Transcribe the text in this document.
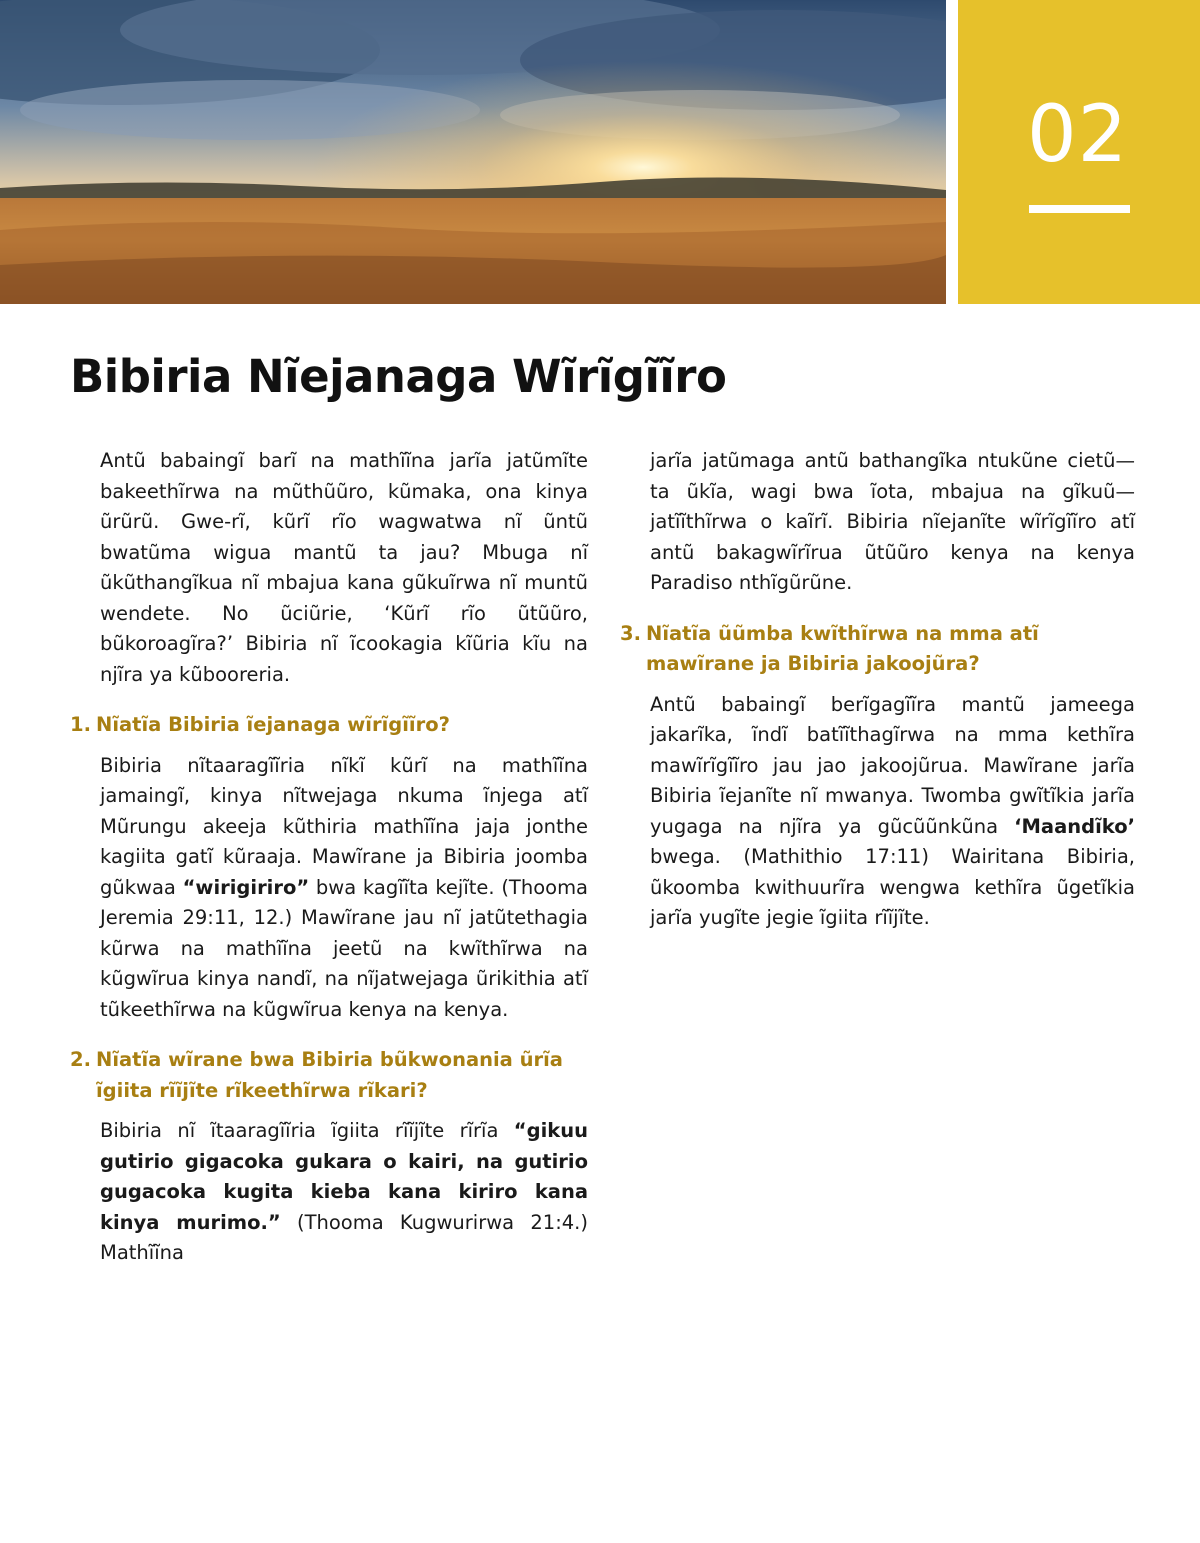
02
Bibiria Nĩejanaga Wĩrĩgĩĩro

Antũ babaingĩ barĩ na mathĩĩna jarĩa jatũmĩte bakeethĩrwa na mũthũũro, kũmaka, ona kinya ũrũrũ. Gwe-rĩ, kũrĩ rĩo wagwatwa nĩ ũntũ bwatũma wigua mantũ ta jau? Mbuga nĩ ũkũthangĩkua nĩ mbajua kana gũkuĩrwa nĩ muntũ wendete. No ũciũrie, ‘Kũrĩ rĩo ũtũũro, bũkoroagĩra?’ Bibiria nĩ ĩcookagia kĩũria kĩu na njĩra ya kũbooreria.

1. Nĩatĩa Bibiria ĩejanaga wĩrĩgĩĩro?

Bibiria nĩtaaragĩĩria nĩkĩ kũrĩ na mathĩĩna jamaingĩ, kinya nĩtwejaga nkuma ĩnjega atĩ Mũrungu akeeja kũthiria mathĩĩna jaja jonthe kagiita gatĩ kũraaja. Mawĩrane ja Bibiria joomba gũkwaa “wirigiriro” bwa kagĩĩta kejĩte. (Thooma Jeremia 29:11, 12.) Mawĩrane jau nĩ jatũtethagia kũrwa na mathĩĩna jeetũ na kwĩthĩrwa na kũgwĩrua kinya nandĩ, na nĩjatwejaga ũrikithia atĩ tũkeethĩrwa na kũgwĩrua kenya na kenya.

2. Nĩatĩa wĩrane bwa Bibiria bũkwonania ũrĩa ĩgiita rĩĩjĩte rĩkeethĩrwa rĩkari?

Bibiria nĩ ĩtaaragĩĩria ĩgiita rĩĩjĩte rĩrĩa “gikuu gutirio gigacoka gukara o kairi, na gutirio gugacoka kugita kieba kana kiriro kana kinya murimo.” (Thooma Kugwurirwa 21:4.) Mathĩĩna

jarĩa jatũmaga antũ bathangĩka ntukũne cietũ—ta ũkĩa, wagi bwa ĩota, mbajua na gĩkuũ—jatĩĩthĩrwa o kaĩrĩ. Bibiria nĩejanĩte wĩrĩgĩĩro atĩ antũ bakagwĩrĩrua ũtũũro kenya na kenya Paradiso nthĩgũrũne.

3. Nĩatĩa ũũmba kwĩthĩrwa na mma atĩ mawĩrane ja Bibiria jakoojũra?

Antũ babaingĩ berĩgagĩĩra mantũ jameega jakarĩka, ĩndĩ batĩĩthagĩrwa na mma kethĩra mawĩrĩgĩĩro jau jao jakoojũrua. Mawĩrane jarĩa Bibiria ĩejanĩte nĩ mwanya. Twomba gwĩtĩkia jarĩa yugaga na njĩra ya gũcũũnkũna ‘Maandĩko’ bwega. (Mathithio 17:11) Wairitana Bibiria, ũkoomba kwithuurĩra wengwa kethĩra ũgetĩkia jarĩa yugĩte jegie ĩgiita rĩĩjĩte.
